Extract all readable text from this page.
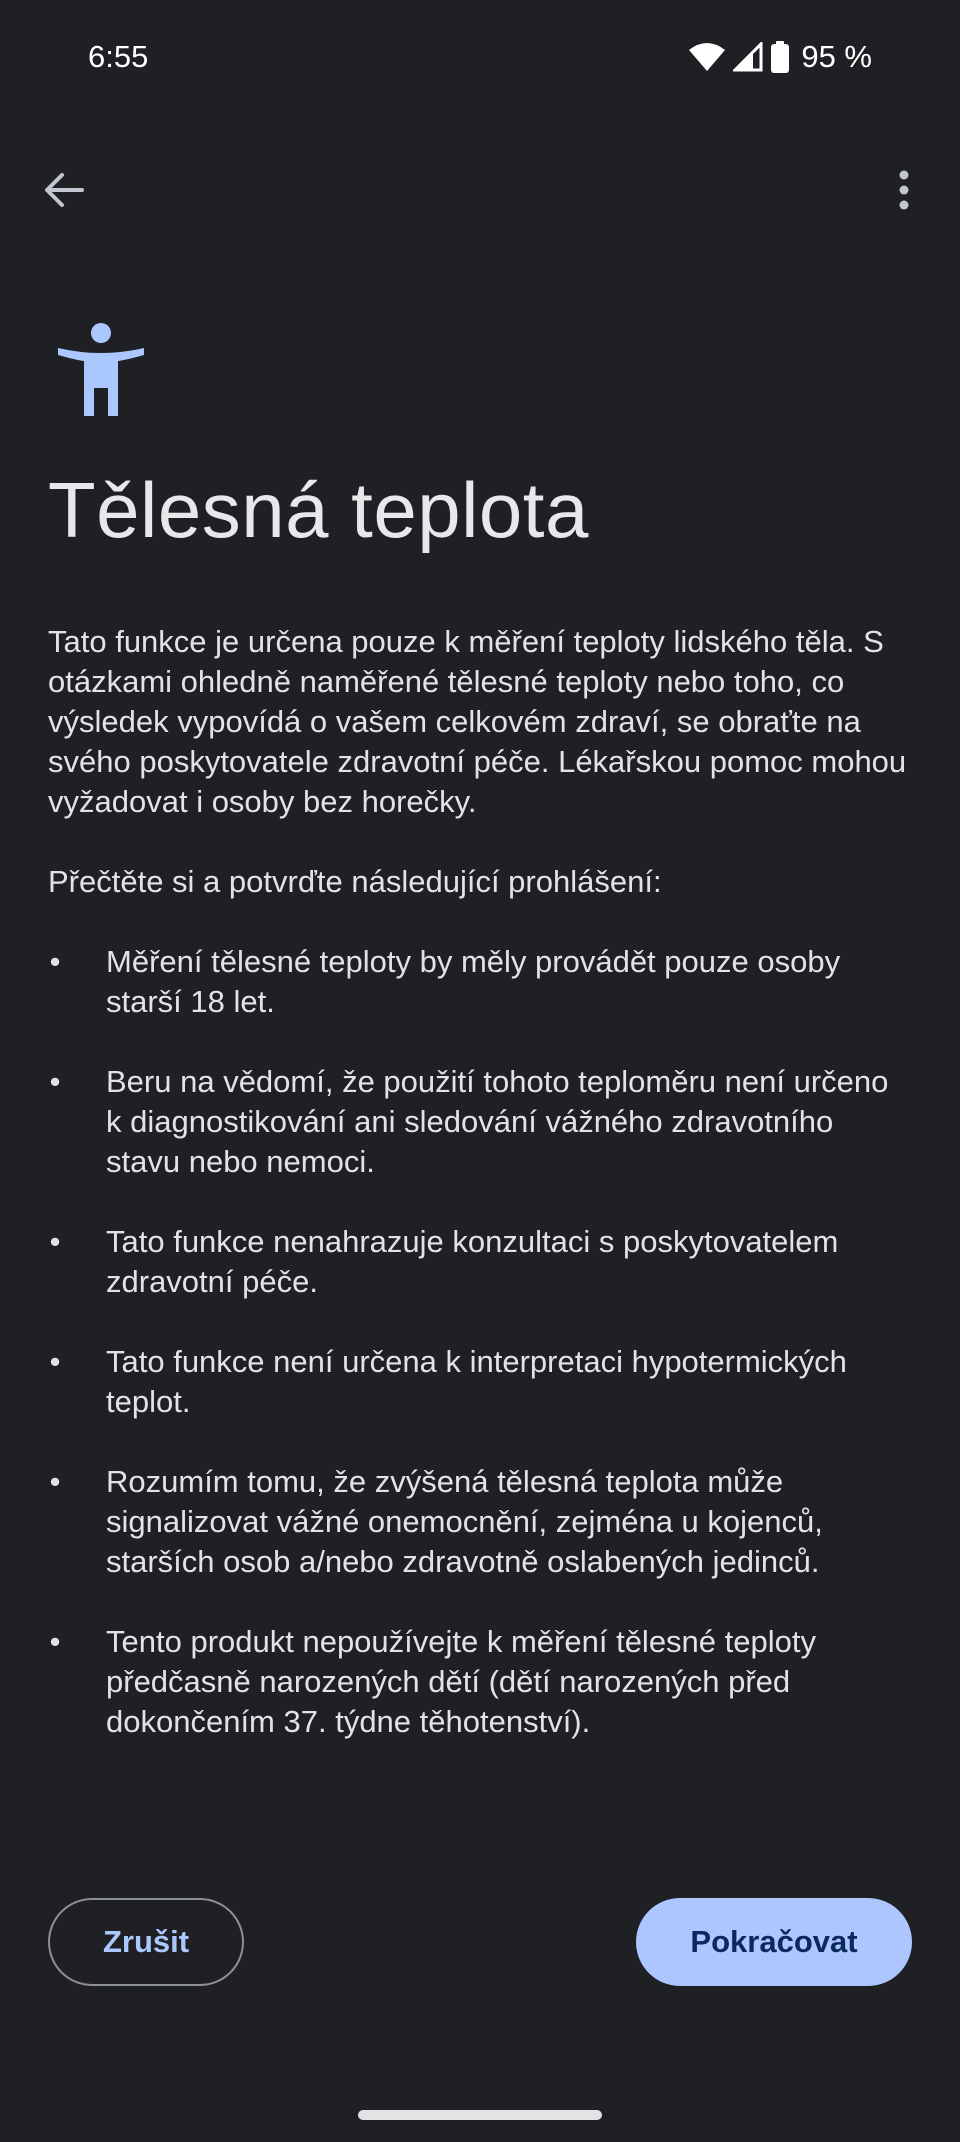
6:55	95 %
Tělesná teplota

Tato funkce je určena pouze k měření teploty lidského těla. S otázkami ohledně naměřené tělesné teploty nebo toho, co výsledek vypovídá o vašem celkovém zdraví, se obraťte na svého poskytovatele zdravotní péče. Lékařskou pomoc mohou vyžadovat i osoby bez horečky.

Přečtěte si a potvrďte následující prohlášení:

• Měření tělesné teploty by měly provádět pouze osoby starší 18 let.
• Beru na vědomí, že použití tohoto teploměru není určeno k diagnostikování ani sledování vážného zdravotního stavu nebo nemoci.
• Tato funkce nenahrazuje konzultaci s poskytovatelem zdravotní péče.
• Tato funkce není určena k interpretaci hypotermických teplot.
• Rozumím tomu, že zvýšená tělesná teplota může signalizovat vážné onemocnění, zejména u kojenců, starších osob a/nebo zdravotně oslabených jedinců.
• Tento produkt nepoužívejte k měření tělesné teploty předčasně narozených dětí (dětí narozených před dokončením 37. týdne těhotenství).
Zrušit	Pokračovat
